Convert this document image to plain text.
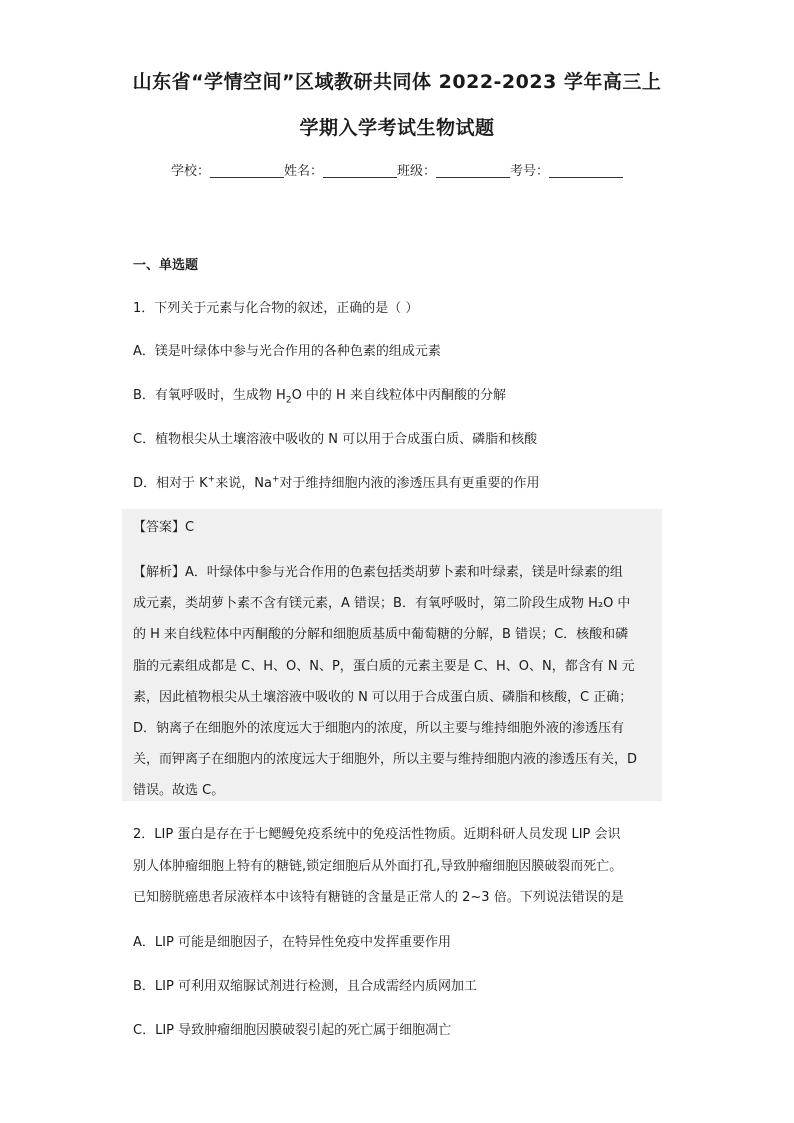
山东省“学情空间”区域教研共同体 2022-2023 学年高三上
学期入学考试生物试题
学校：	姓名：	班级：	考号：
一、单选题
1．下列关于元素与化合物的叙述，正确的是（ ）
A．镁是叶绿体中参与光合作用的各种色素的组成元素
B．有氧呼吸时，生成物 $H_2O$ 中的 H 来自线粒体中丙酮酸的分解
C．植物根尖从土壤溶液中吸收的 N 可以用于合成蛋白质、磷脂和核酸
D．相对于 K+来说，Na+对于维持细胞内液的渗透压具有更重要的作用
【答案】C
【解析】A．叶绿体中参与光合作用的色素包括类胡萝卜素和叶绿素，镁是叶绿素的组
成元素，类胡萝卜素不含有镁元素，A 错误；B．有氧呼吸时，第二阶段生成物 H₂O 中
的 H 来自线粒体中丙酮酸的分解和细胞质基质中葡萄糖的分解，B 错误；C．核酸和磷
脂的元素组成都是 C、H、O、N、P，蛋白质的元素主要是 C、H、O、N，都含有 N 元
素，因此植物根尖从土壤溶液中吸收的 N 可以用于合成蛋白质、磷脂和核酸，C 正确；
D．钠离子在细胞外的浓度远大于细胞内的浓度，所以主要与维持细胞外液的渗透压有
关，而钾离子在细胞内的浓度远大于细胞外，所以主要与维持细胞内液的渗透压有关，D
错误。故选 C。
2．LIP 蛋白是存在于七鳃鳗免疫系统中的免疫活性物质。近期科研人员发现 LIP 会识
别人体肿瘤细胞上特有的糖链,锁定细胞后从外面打孔,导致肿瘤细胞因膜破裂而死亡。
已知膀胱癌患者尿液样本中该特有糖链的含量是正常人的 2~3 倍。下列说法错误的是
A．LIP 可能是细胞因子，在特异性免疫中发挥重要作用
B．LIP 可利用双缩脲试剂进行检测，且合成需经内质网加工
C．LIP 导致肿瘤细胞因膜破裂引起的死亡属于细胞凋亡
